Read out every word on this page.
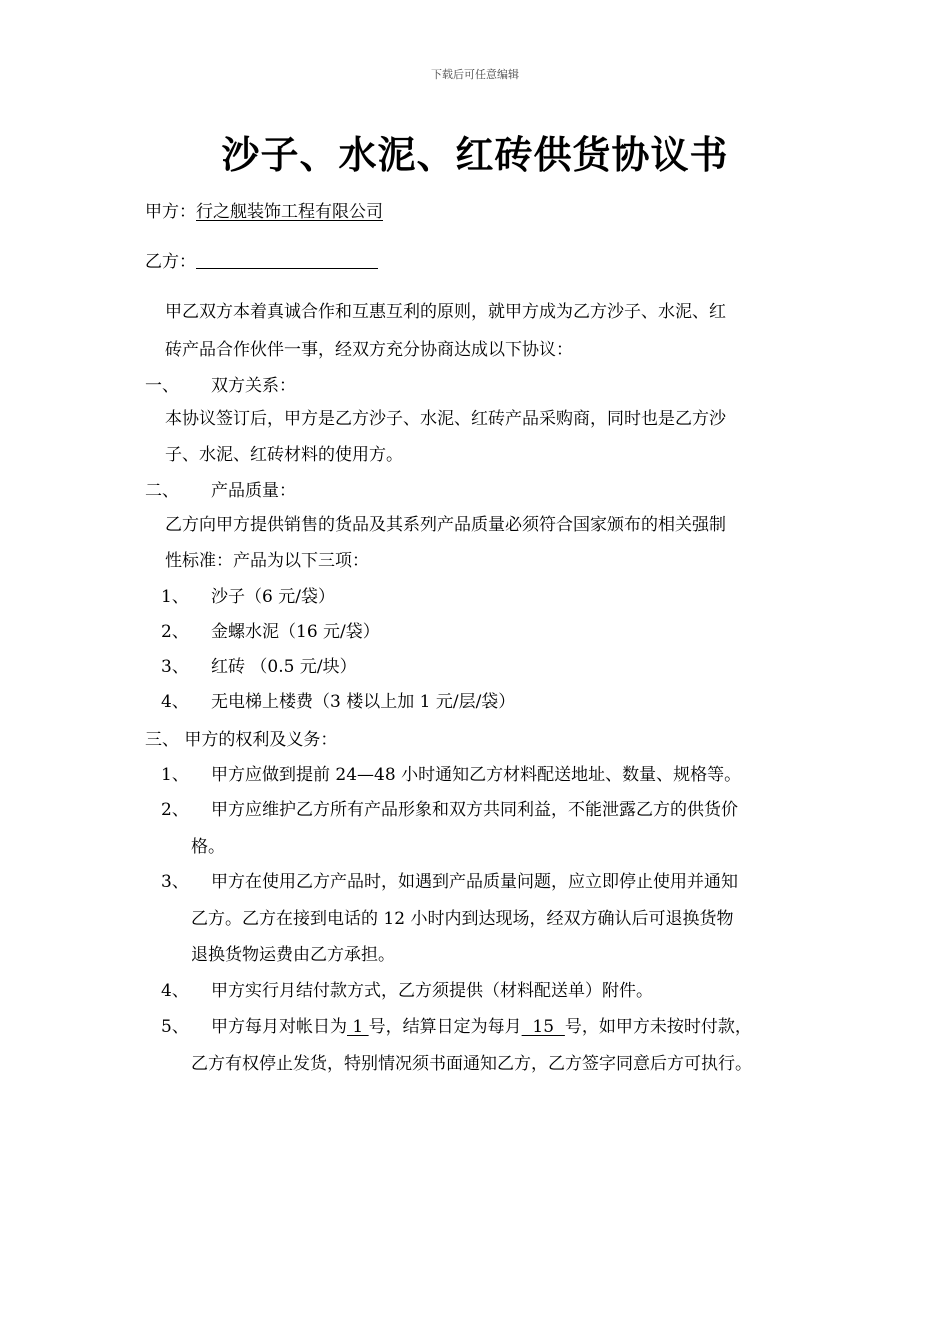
下载后可任意编辑
沙子、水泥、红砖供货协议书
甲方：行之舰装饰工程有限公司
乙方：
甲乙双方本着真诚合作和互惠互利的原则，就甲方成为乙方沙子、水泥、红
砖产品合作伙伴一事，经双方充分协商达成以下协议：
一、 双方关系：
本协议签订后，甲方是乙方沙子、水泥、红砖产品采购商，同时也是乙方沙
子、水泥、红砖材料的使用方。
二、 产品质量：
乙方向甲方提供销售的货品及其系列产品质量必须符合国家颁布的相关强制
性标准：产品为以下三项：
1、 沙子（6 元/袋）
2、 金螺水泥（16 元/袋）
3、 红砖 （0.5 元/块）
4、 无电梯上楼费（3 楼以上加 1 元/层/袋）
三、 甲方的权利及义务：
1、 甲方应做到提前 24—48 小时通知乙方材料配送地址、数量、规格等。
2、 甲方应维护乙方所有产品形象和双方共同利益，不能泄露乙方的供货价
格。
3、 甲方在使用乙方产品时，如遇到产品质量问题，应立即停止使用并通知
乙方。乙方在接到电话的 12 小时内到达现场，经双方确认后可退换货物
退换货物运费由乙方承担。
4、 甲方实行月结付款方式，乙方须提供（材料配送单）附件。
5、 甲方每月对帐日为 1 号，结算日定为每月  15  号，如甲方未按时付款，
乙方有权停止发货，特别情况须书面通知乙方，乙方签字同意后方可执行。
